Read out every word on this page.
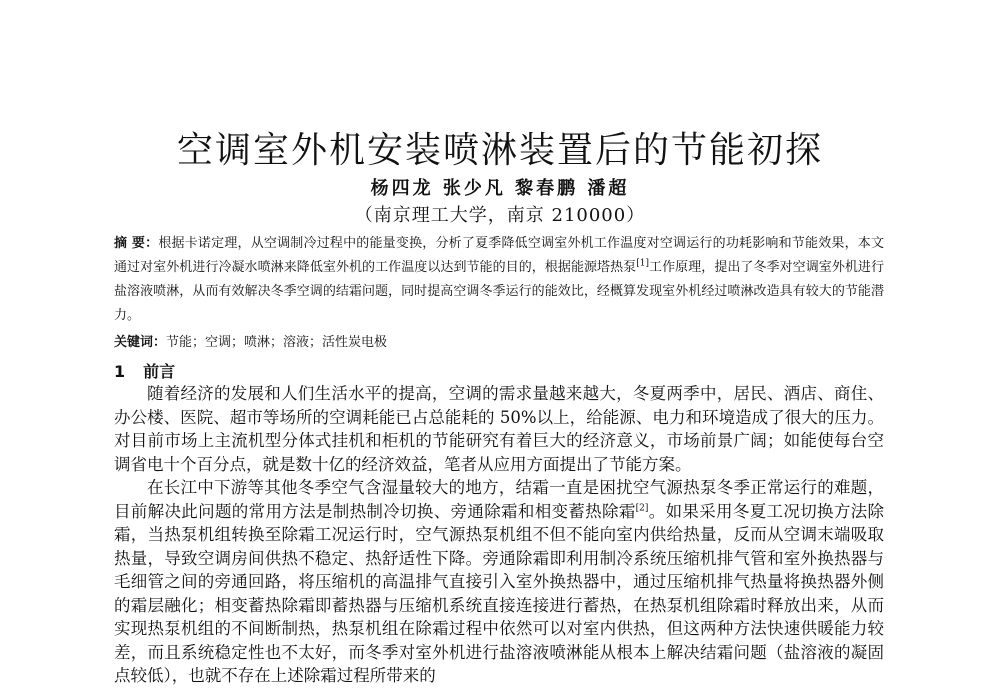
空调室外机安装喷淋装置后的节能初探
杨四龙 张少凡 黎春鹏 潘超
（南京理工大学，南京 210000）
摘 要：根据卡诺定理，从空调制冷过程中的能量变换，分析了夏季降低空调室外机工作温度对空调运行的功耗影响和节能效果，本文通过对室外机进行冷凝水喷淋来降低室外机的工作温度以达到节能的目的，根据能源塔热泵[1]工作原理，提出了冬季对空调室外机进行盐溶液喷淋，从而有效解决冬季空调的结霜问题，同时提高空调冬季运行的能效比，经概算发现室外机经过喷淋改造具有较大的节能潜力。
关键词：节能；空调；喷淋；溶液；活性炭电极
1 前言

随着经济的发展和人们生活水平的提高，空调的需求量越来越大，冬夏两季中，居民、酒店、商住、办公楼、医院、超市等场所的空调耗能已占总能耗的 50%以上，给能源、电力和环境造成了很大的压力。对目前市场上主流机型分体式挂机和柜机的节能研究有着巨大的经济意义，市场前景广阔；如能使每台空调省电十个百分点，就是数十亿的经济效益，笔者从应用方面提出了节能方案。

在长江中下游等其他冬季空气含湿量较大的地方，结霜一直是困扰空气源热泵冬季正常运行的难题，目前解决此问题的常用方法是制热制冷切换、旁通除霜和相变蓄热除霜[2]。如果采用冬夏工况切换方法除霜，当热泵机组转换至除霜工况运行时，空气源热泵机组不但不能向室内供给热量，反而从空调末端吸取热量，导致空调房间供热不稳定、热舒适性下降。旁通除霜即利用制冷系统压缩机排气管和室外换热器与毛细管之间的旁通回路，将压缩机的高温排气直接引入室外换热器中，通过压缩机排气热量将换热器外侧的霜层融化；相变蓄热除霜即蓄热器与压缩机系统直接连接进行蓄热，在热泵机组除霜时释放出来，从而实现热泵机组的不间断制热，热泵机组在除霜过程中依然可以对室内供热，但这两种方法快速供暖能力较差，而且系统稳定性也不太好，而冬季对室外机进行盐溶液喷淋能从根本上解决结霜问题（盐溶液的凝固点较低），也就不存在上述除霜过程所带来的
